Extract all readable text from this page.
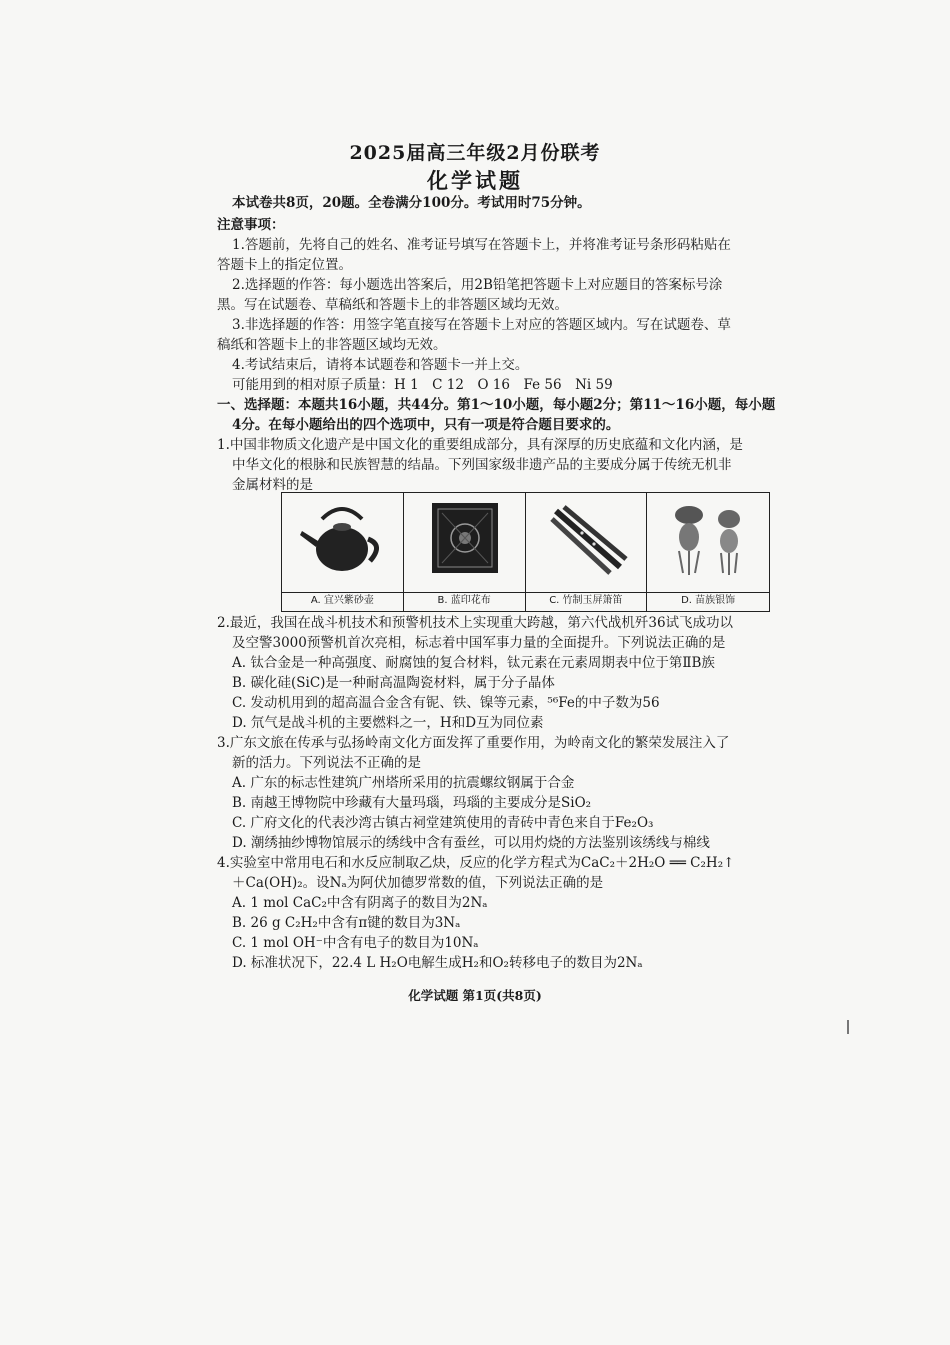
2025届高三年级2月份联考
化学试题
本试卷共8页，20题。全卷满分100分。考试用时75分钟。
注意事项：
1.答题前，先将自己的姓名、准考证号填写在答题卡上，并将准考证号条形码粘贴在
答题卡上的指定位置。
2.选择题的作答：每小题选出答案后，用2B铅笔把答题卡上对应题目的答案标号涂
黑。写在试题卷、草稿纸和答题卡上的非答题区域均无效。
3.非选择题的作答：用签字笔直接写在答题卡上对应的答题区域内。写在试题卷、草
稿纸和答题卡上的非答题区域均无效。
4.考试结束后，请将本试题卷和答题卡一并上交。
可能用到的相对原子质量：H 1　C 12　O 16　Fe 56　Ni 59
一、选择题：本题共16小题，共44分。第1～10小题，每小题2分；第11～16小题，每小题
4分。在每小题给出的四个选项中，只有一项是符合题目要求的。
1.中国非物质文化遗产是中国文化的重要组成部分，具有深厚的历史底蕴和文化内涵，是
中华文化的根脉和民族智慧的结晶。下列国家级非遗产品的主要成分属于传统无机非
金属材料的是
A. 宜兴紫砂壶	B. 蓝印花布	C. 竹制玉屏箫笛	D. 苗族银饰
2.最近，我国在战斗机技术和预警机技术上实现重大跨越，第六代战机歼36试飞成功以
及空警3000预警机首次亮相，标志着中国军事力量的全面提升。下列说法正确的是
A. 钛合金是一种高强度、耐腐蚀的复合材料，钛元素在元素周期表中位于第ⅡB族
B. 碳化硅(SiC)是一种耐高温陶瓷材料，属于分子晶体
C. 发动机用到的超高温合金含有铌、铁、镍等元素，⁵⁶Fe的中子数为56
D. 氘气是战斗机的主要燃料之一，H和D互为同位素
3.广东文旅在传承与弘扬岭南文化方面发挥了重要作用，为岭南文化的繁荣发展注入了
新的活力。下列说法不正确的是
A. 广东的标志性建筑广州塔所采用的抗震螺纹钢属于合金
B. 南越王博物院中珍藏有大量玛瑙，玛瑙的主要成分是SiO₂
C. 广府文化的代表沙湾古镇古祠堂建筑使用的青砖中青色来自于Fe₂O₃
D. 潮绣抽纱博物馆展示的绣线中含有蚕丝，可以用灼烧的方法鉴别该绣线与棉线
4.实验室中常用电石和水反应制取乙炔，反应的化学方程式为CaC₂＋2H₂O ══ C₂H₂↑
＋Ca(OH)₂。设Nₐ为阿伏加德罗常数的值，下列说法正确的是
A. 1 mol CaC₂中含有阴离子的数目为2Nₐ
B. 26 g C₂H₂中含有π键的数目为3Nₐ
C. 1 mol OH⁻中含有电子的数目为10Nₐ
D. 标准状况下，22.4 L H₂O电解生成H₂和O₂转移电子的数目为2Nₐ
化学试题 第1页(共8页)
